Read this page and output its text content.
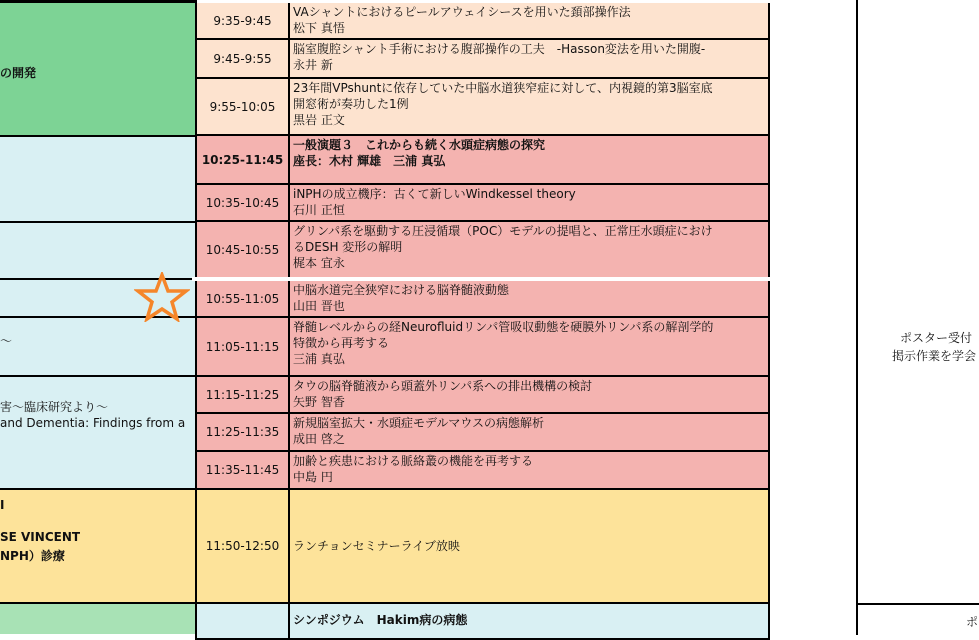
の開発
〜
害〜臨床研究より〜
and Dementia: Findings from a
I
SE VINCENT
NPH）診療
9:35-9:45
VAシャントにおけるピールアウェイシースを用いた頚部操作法
松下 真悟
9:45-9:55
脳室腹腔シャント手術における腹部操作の工夫　-Hasson変法を用いた開腹-
永井 新
9:55-10:05
23年間VPshuntに依存していた中脳水道狭窄症に対して、内視鏡的第3脳室底
開窓術が奏功した1例
黒岩 正文
10:25-11:45
一般演題３　これからも続く水頭症病態の探究
座長：木村 輝雄　三浦 真弘
10:35-10:45
iNPHの成立機序：古くて新しいWindkessel theory
石川 正恒
10:45-10:55
グリンパ系を駆動する圧浸循環（POC）モデルの提唱と、正常圧水頭症におけ
るDESH 変形の解明
梶本 宜永
10:55-11:05
中脳水道完全狭窄における脳脊髄液動態
山田 晋也
11:05-11:15
脊髄レベルからの経Neurofluidリンパ管吸収動態を硬膜外リンパ系の解剖学的
特徴から再考する
三浦 真弘
11:15-11:25
タウの脳脊髄液から頭蓋外リンパ系への排出機構の検討
矢野 智香
11:25-11:35
新規脳室拡大・水頭症モデルマウスの病態解析
成田 啓之
11:35-11:45
加齢と疾患における脈絡叢の機能を再考する
中島 円
11:50-12:50	ランチョンセミナーライブ放映
シンポジウム　Hakim病の病態
ポスター受付
掲示作業を学会
ポ
